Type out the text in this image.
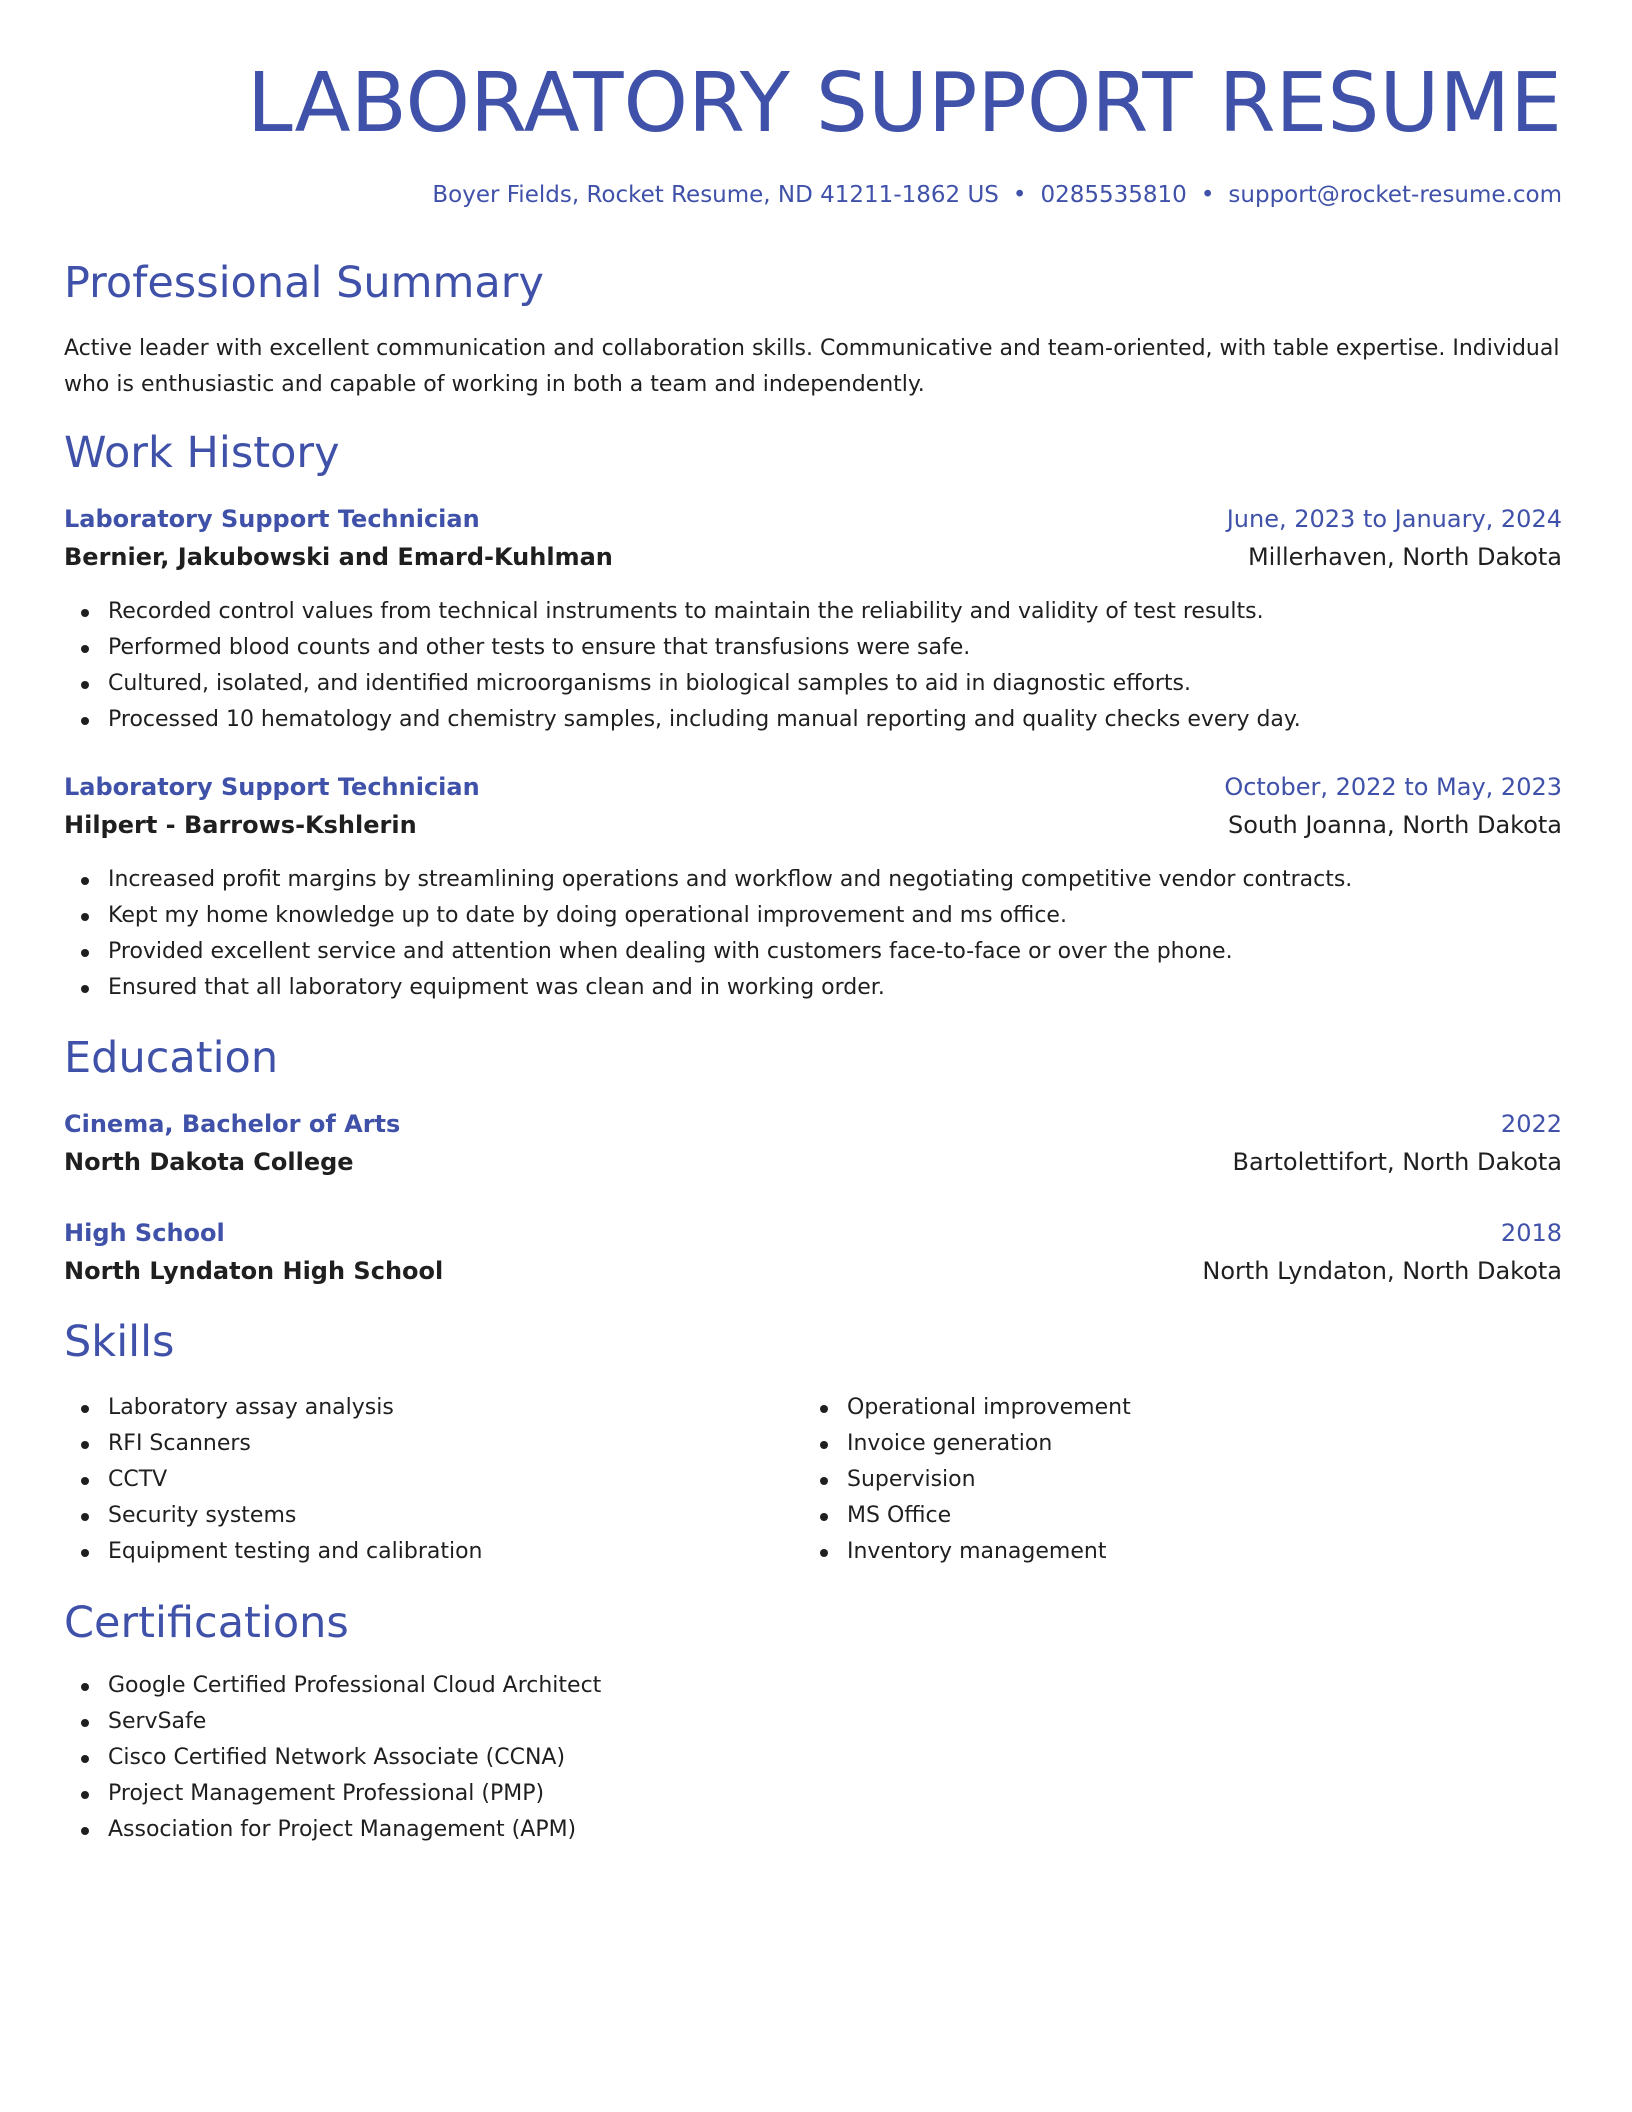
LABORATORY SUPPORT RESUME
Boyer Fields, Rocket Resume, ND 41211-1862 US • 0285535810 • support@rocket-resume.com
Professional Summary
Active leader with excellent communication and collaboration skills. Communicative and team-oriented, with table expertise. Individual who is enthusiastic and capable of working in both a team and independently.
Work History
Laboratory Support Technician	June, 2023 to January, 2024
Bernier, Jakubowski and Emard-Kuhlman	Millerhaven, North Dakota
Recorded control values from technical instruments to maintain the reliability and validity of test results.
Performed blood counts and other tests to ensure that transfusions were safe.
Cultured, isolated, and identified microorganisms in biological samples to aid in diagnostic efforts.
Processed 10 hematology and chemistry samples, including manual reporting and quality checks every day.
Laboratory Support Technician	October, 2022 to May, 2023
Hilpert - Barrows-Kshlerin	South Joanna, North Dakota
Increased profit margins by streamlining operations and workflow and negotiating competitive vendor contracts.
Kept my home knowledge up to date by doing operational improvement and ms office.
Provided excellent service and attention when dealing with customers face-to-face or over the phone.
Ensured that all laboratory equipment was clean and in working order.
Education
Cinema, Bachelor of Arts	2022
North Dakota College	Bartolettifort, North Dakota
High School	2018
North Lyndaton High School	North Lyndaton, North Dakota
Skills
Laboratory assay analysis
RFI Scanners
CCTV
Security systems
Equipment testing and calibration
Operational improvement
Invoice generation
Supervision
MS Office
Inventory management
Certifications
Google Certified Professional Cloud Architect
ServSafe
Cisco Certified Network Associate (CCNA)
Project Management Professional (PMP)
Association for Project Management (APM)
